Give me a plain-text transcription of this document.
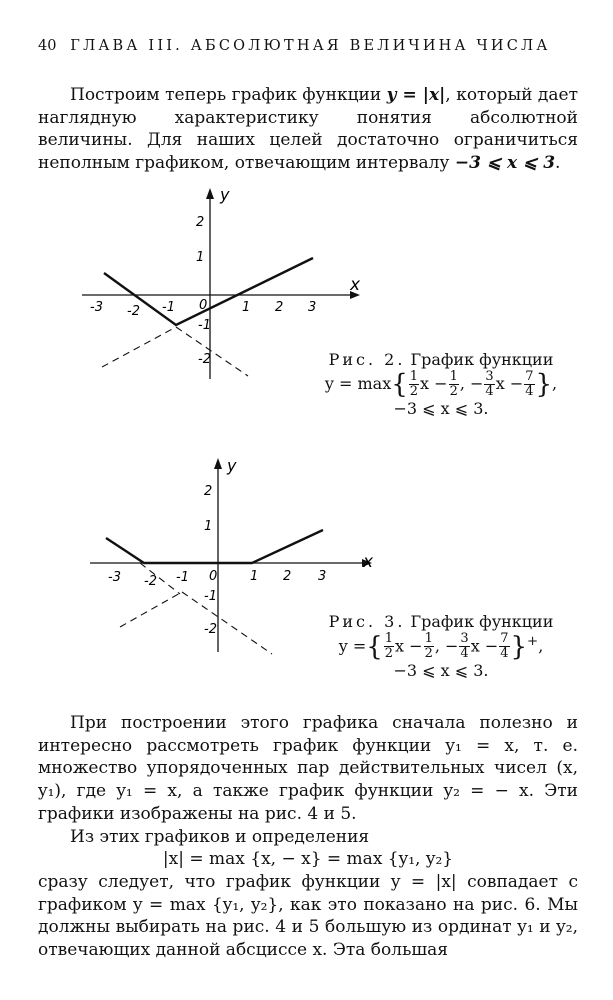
40 ГЛАВА III. АБСОЛЮТНАЯ ВЕЛИЧИНА ЧИСЛА

Построим теперь график функции y = |x|, который дает наглядную характеристику понятия абсолютной величины. Для наших целей достаточно ограничиться неполным графиком, отвечающим интервалу −3 ⩽ x ⩽ 3.

x
y
-3 -2 -1 0	1 2 3
2
1
-1
-2	Рис. 2. График функции
$y = \max\{ \frac{1}{2}$ $x - \frac{1}{2}$ , − $\frac{3}{4}$ $x - \frac{7}{4}$ },
−3 ⩽ x ⩽ 3.
x
y
-3 -2 -1 0	1 2 3
2
1
-1
-2	Рис. 3. График функции
y ={ $\frac{1}{2}$ $x - \frac{1}{2}$ , − $\frac{3}{4}$ $x - \frac{7}{4} \}^+$,
−3 ⩽ x ⩽ 3.

При построении этого графика сначала полезно и интересно рассмотреть график функции y₁ = x, т. е. множество упорядоченных пар действительных чисел (x, y₁), где y₁ = x, а также график функции y₂ = − x. Эти графики изображены на рис. 4 и 5.

Из этих графиков и определения

|x| = max {x, − x} = max {y₁, y₂}

сразу следует, что график функции y = |x| совпадает с графиком y = max {y₁, y₂}, как это показано на рис. 6. Мы должны выбирать на рис. 4 и 5 большую из ординат y₁ и y₂, отвечающих данной абсциссе x. Эта большая
